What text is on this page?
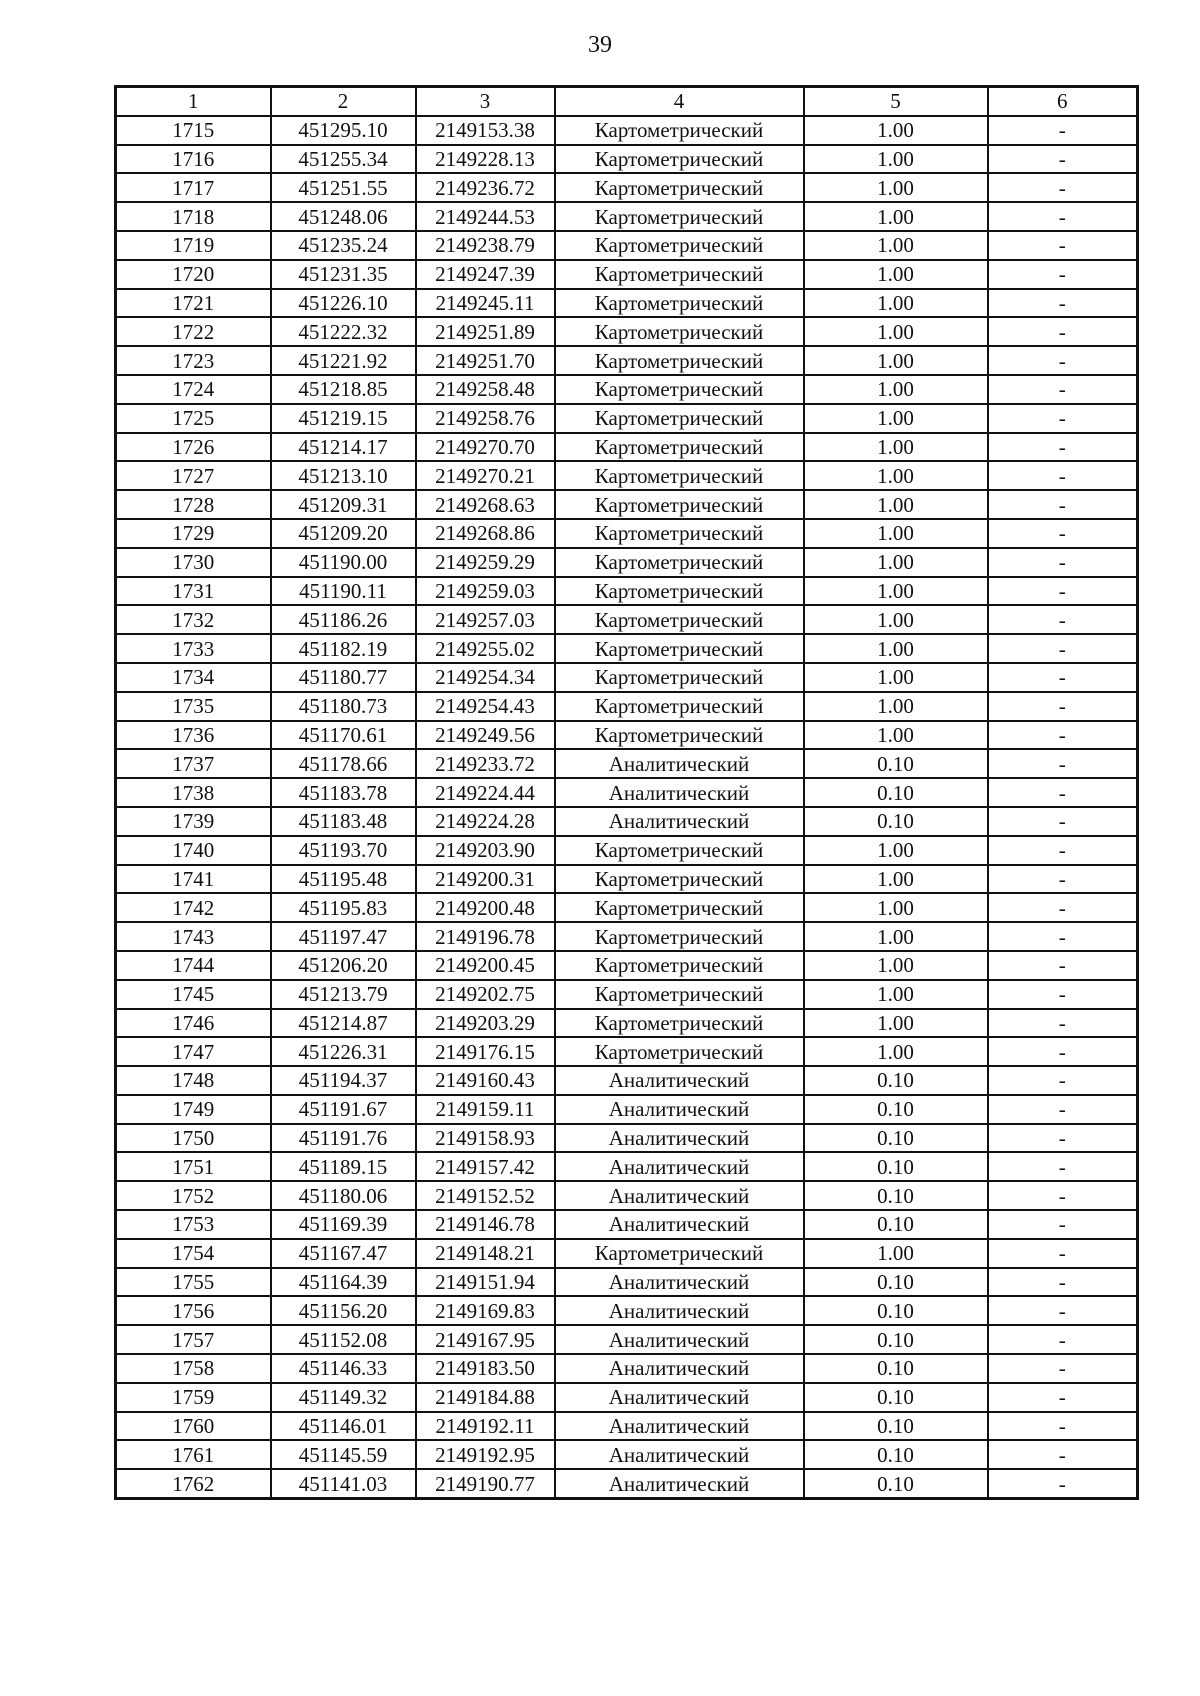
39
1	2	3	4	5	6
1715	451295.10	2149153.38	Картометрический	1.00	-
1716	451255.34	2149228.13	Картометрический	1.00	-
1717	451251.55	2149236.72	Картометрический	1.00	-
1718	451248.06	2149244.53	Картометрический	1.00	-
1719	451235.24	2149238.79	Картометрический	1.00	-
1720	451231.35	2149247.39	Картометрический	1.00	-
1721	451226.10	2149245.11	Картометрический	1.00	-
1722	451222.32	2149251.89	Картометрический	1.00	-
1723	451221.92	2149251.70	Картометрический	1.00	-
1724	451218.85	2149258.48	Картометрический	1.00	-
1725	451219.15	2149258.76	Картометрический	1.00	-
1726	451214.17	2149270.70	Картометрический	1.00	-
1727	451213.10	2149270.21	Картометрический	1.00	-
1728	451209.31	2149268.63	Картометрический	1.00	-
1729	451209.20	2149268.86	Картометрический	1.00	-
1730	451190.00	2149259.29	Картометрический	1.00	-
1731	451190.11	2149259.03	Картометрический	1.00	-
1732	451186.26	2149257.03	Картометрический	1.00	-
1733	451182.19	2149255.02	Картометрический	1.00	-
1734	451180.77	2149254.34	Картометрический	1.00	-
1735	451180.73	2149254.43	Картометрический	1.00	-
1736	451170.61	2149249.56	Картометрический	1.00	-
1737	451178.66	2149233.72	Аналитический	0.10	-
1738	451183.78	2149224.44	Аналитический	0.10	-
1739	451183.48	2149224.28	Аналитический	0.10	-
1740	451193.70	2149203.90	Картометрический	1.00	-
1741	451195.48	2149200.31	Картометрический	1.00	-
1742	451195.83	2149200.48	Картометрический	1.00	-
1743	451197.47	2149196.78	Картометрический	1.00	-
1744	451206.20	2149200.45	Картометрический	1.00	-
1745	451213.79	2149202.75	Картометрический	1.00	-
1746	451214.87	2149203.29	Картометрический	1.00	-
1747	451226.31	2149176.15	Картометрический	1.00	-
1748	451194.37	2149160.43	Аналитический	0.10	-
1749	451191.67	2149159.11	Аналитический	0.10	-
1750	451191.76	2149158.93	Аналитический	0.10	-
1751	451189.15	2149157.42	Аналитический	0.10	-
1752	451180.06	2149152.52	Аналитический	0.10	-
1753	451169.39	2149146.78	Аналитический	0.10	-
1754	451167.47	2149148.21	Картометрический	1.00	-
1755	451164.39	2149151.94	Аналитический	0.10	-
1756	451156.20	2149169.83	Аналитический	0.10	-
1757	451152.08	2149167.95	Аналитический	0.10	-
1758	451146.33	2149183.50	Аналитический	0.10	-
1759	451149.32	2149184.88	Аналитический	0.10	-
1760	451146.01	2149192.11	Аналитический	0.10	-
1761	451145.59	2149192.95	Аналитический	0.10	-
1762	451141.03	2149190.77	Аналитический	0.10	-
